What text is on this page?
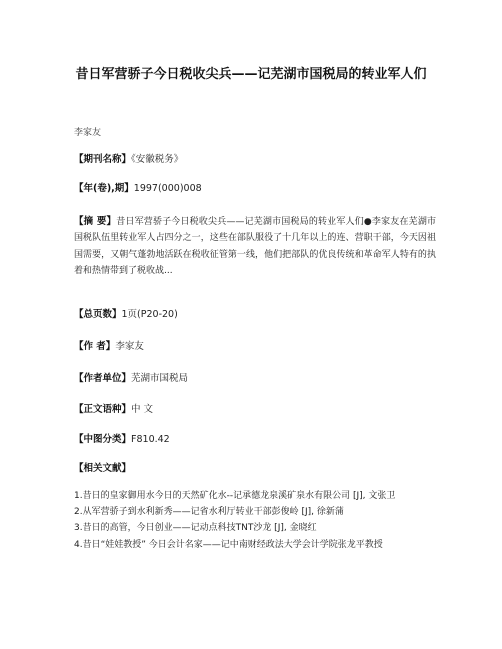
昔日军营骄子今日税收尖兵——记芜湖市国税局的转业军人们
李家友
【期刊名称】《安徽税务》
【年(卷),期】1997(000)008
【摘 要】昔日军营骄子今日税收尖兵——记芜湖市国税局的转业军人们●李家友在芜湖市国税队伍里转业军人占四分之一，这些在部队服役了十几年以上的连、营职干部，今天因祖国需要，又朝气蓬勃地活跃在税收征管第一线，他们把部队的优良传统和革命军人特有的执着和热情带到了税收战...
【总页数】1页(P20-20)
【作 者】李家友
【作者单位】芜湖市国税局
【正文语种】中 文
【中图分类】F810.42
【相关文献】
1.昔日的皇家御用水今日的天然矿化水--记承德龙泉溪矿泉水有限公司 [J], 文张卫
2.从军营骄子到水利新秀——记省水利厅转业干部彭俊岭 [J], 徐新蒲
3.昔日的高管，今日创业——记动点科技TNT沙龙 [J], 金晓红
4.昔日“娃娃教授” 今日会计名家——记中南财经政法大学会计学院张龙平教授
